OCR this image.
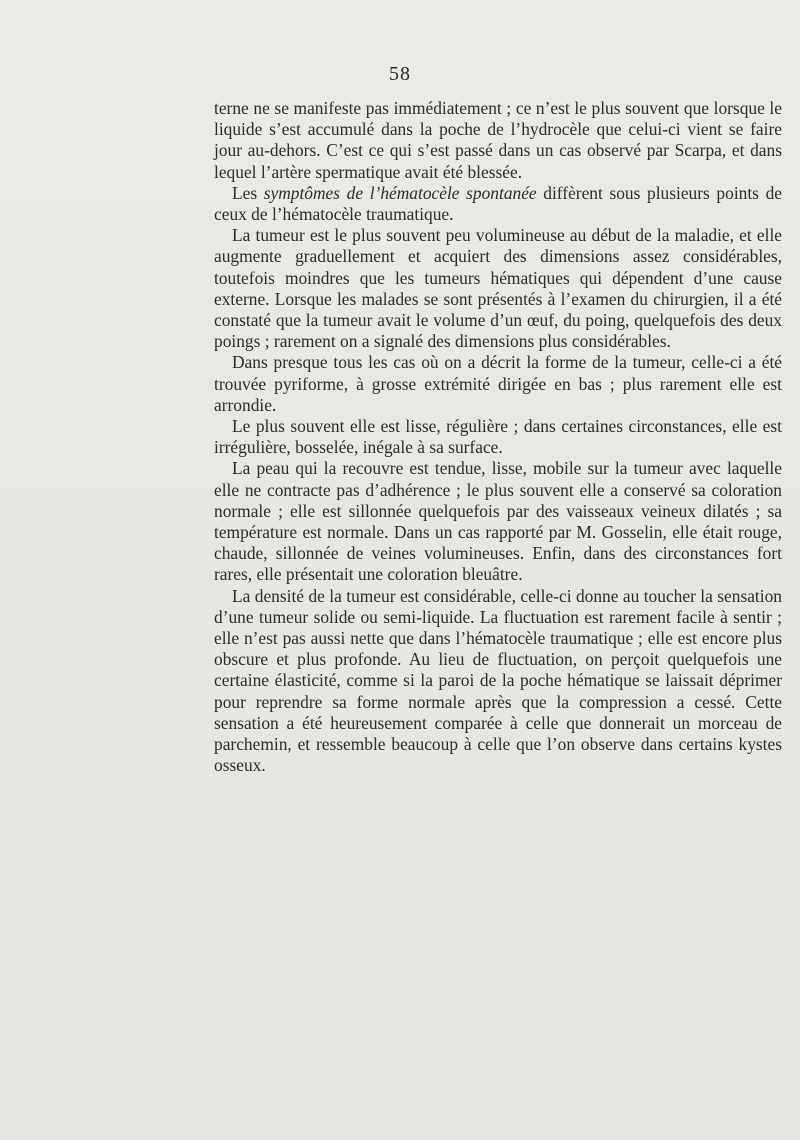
58

terne ne se manifeste pas immédiatement ; ce n’est le plus souvent que lorsque le liquide s’est accumulé dans la poche de l’hydrocèle que celui-ci vient se faire jour au-dehors. C’est ce qui s’est passé dans un cas observé par Scarpa, et dans lequel l’artère spermatique avait été blessée.

Les symptômes de l’hématocèle spontanée diffèrent sous plusieurs points de ceux de l’hématocèle traumatique.

La tumeur est le plus souvent peu volumineuse au début de la maladie, et elle augmente graduellement et acquiert des dimensions assez considérables, toutefois moindres que les tumeurs hématiques qui dépendent d’une cause externe. Lorsque les malades se sont présentés à l’examen du chirurgien, il a été constaté que la tumeur avait le volume d’un œuf, du poing, quelquefois des deux poings ; rarement on a signalé des dimensions plus considérables.

Dans presque tous les cas où on a décrit la forme de la tumeur, celle-ci a été trouvée pyriforme, à grosse extrémité dirigée en bas ; plus rarement elle est arrondie.

Le plus souvent elle est lisse, régulière ; dans certaines circonstances, elle est irrégulière, bosselée, inégale à sa surface.

La peau qui la recouvre est tendue, lisse, mobile sur la tumeur avec laquelle elle ne contracte pas d’adhérence ; le plus souvent elle a conservé sa coloration normale ; elle est sillonnée quelquefois par des vaisseaux veineux dilatés ; sa température est normale. Dans un cas rapporté par M. Gosselin, elle était rouge, chaude, sillonnée de veines volumineuses. Enfin, dans des circonstances fort rares, elle présentait une coloration bleuâtre.

La densité de la tumeur est considérable, celle-ci donne au toucher la sensation d’une tumeur solide ou semi-liquide. La fluctuation est rarement facile à sentir ; elle n’est pas aussi nette que dans l’hématocèle traumatique ; elle est encore plus obscure et plus profonde. Au lieu de fluctuation, on perçoit quelquefois une certaine élasticité, comme si la paroi de la poche hématique se laissait déprimer pour reprendre sa forme normale après que la compression a cessé. Cette sensation a été heureusement comparée à celle que donnerait un morceau de parchemin, et ressemble beaucoup à celle que l’on observe dans certains kystes osseux.
